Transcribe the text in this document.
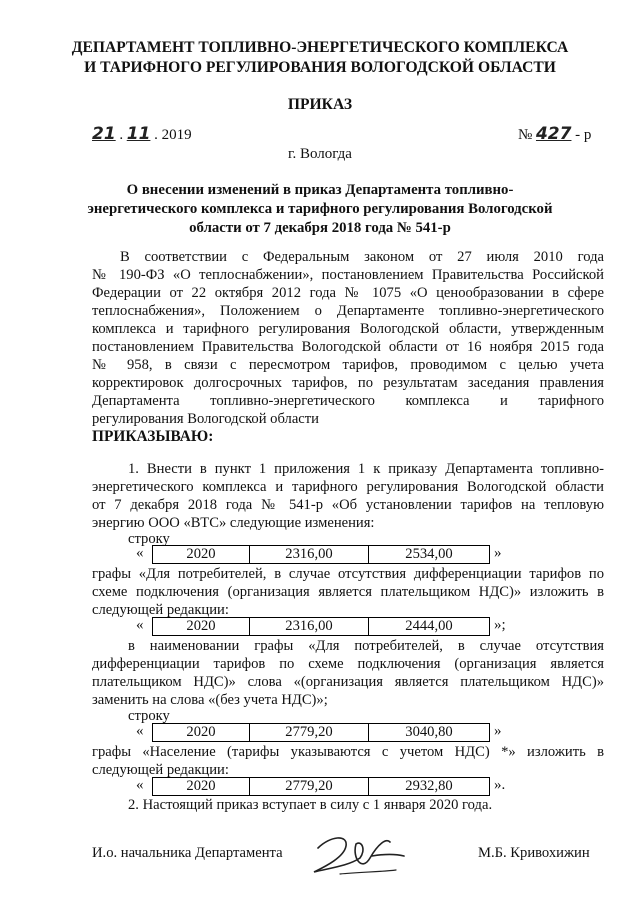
ДЕПАРТАМЕНТ ТОПЛИВНО-ЭНЕРГЕТИЧЕСКОГО КОМПЛЕКСА
И ТАРИФНОГО РЕГУЛИРОВАНИЯ ВОЛОГОДСКОЙ ОБЛАСТИ
ПРИКАЗ
21 . 11 . 2019	№ 427 - р
г. Вологда
О внесении изменений в приказ Департамента топливно-
энергетического комплекса и тарифного регулирования Вологодской
области от 7 декабря 2018 года № 541-р
В соответствии с Федеральным законом от 27 июля 2010 года
№ 190-ФЗ «О теплоснабжении», постановлением Правительства Российской
Федерации от 22 октября 2012 года № 1075 «О ценообразовании в сфере
теплоснабжения», Положением о Департаменте топливно-энергетического
комплекса и тарифного регулирования Вологодской области, утвержденным
постановлением Правительства Вологодской области от 16 ноября 2015 года
№ 958, в связи с пересмотром тарифов, проводимом с целью учета
корректировок долгосрочных тарифов, по результатам заседания правления
Департамента топливно-энергетического комплекса и тарифного
регулирования Вологодской области
ПРИКАЗЫВАЮ:
1. Внести в пункт 1 приложения 1 к приказу Департамента топливно-
энергетического комплекса и тарифного регулирования Вологодской области
от 7 декабря 2018 года № 541-р «Об установлении тарифов на тепловую
энергию ООО «ВТС» следующие изменения:
строку
«	2020	2316,00	2534,00	»
графы «Для потребителей, в случае отсутствия дифференциации тарифов по
схеме подключения (организация является плательщиком НДС)» изложить в
следующей редакции:
«	2020	2316,00	2444,00	»;
в наименовании графы «Для потребителей, в случае отсутствия
дифференциации тарифов по схеме подключения (организация является
плательщиком НДС)» слова «(организация является плательщиком НДС)»
заменить на слова «(без учета НДС)»;
строку
«	2020	2779,20	3040,80	»
графы «Население (тарифы указываются с учетом НДС) *» изложить в
следующей редакции:
«	2020	2779,20	2932,80	».
2. Настоящий приказ вступает в силу с 1 января 2020 года.
И.о. начальника Департамента	М.Б. Кривохижин
